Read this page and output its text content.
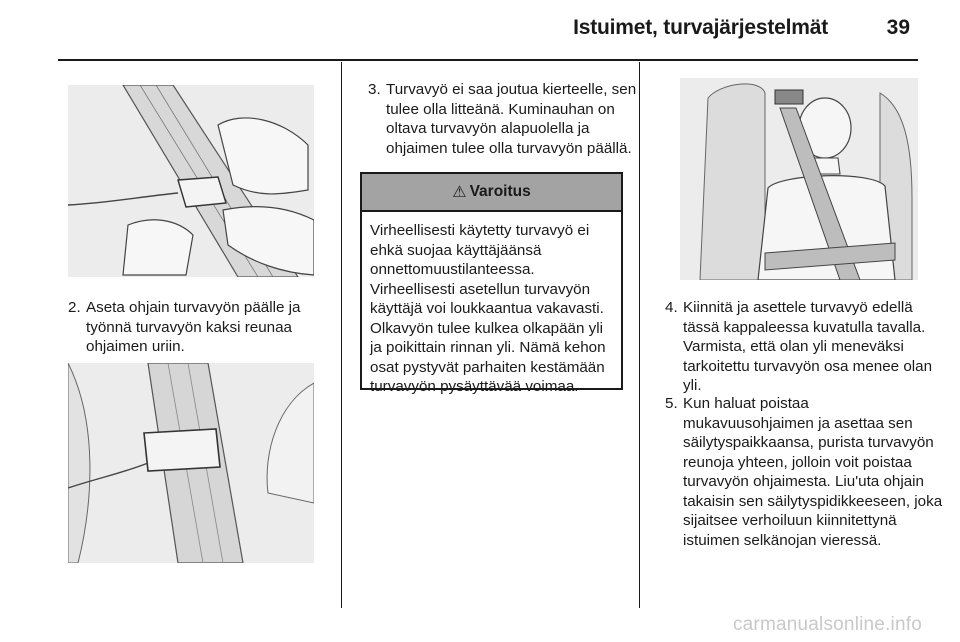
Istuimet, turvajärjestelmät	39
2. Aseta ohjain turvavyön päälle ja työnnä turvavyön kaksi reunaa ohjaimen uriin.
3. Turvavyö ei saa joutua kierteelle, sen tulee olla litteänä. Kuminauhan on oltava turvavyön alapuolella ja ohjaimen tulee olla turvavyön päällä.
⚠ Varoitus
Virheellisesti käytetty turvavyö ei ehkä suojaa käyttäjäänsä onnettomuustilanteessa. Virheellisesti asetellun turvavyön käyttäjä voi loukkaantua vakavasti. Olkavyön tulee kulkea olkapään yli ja poikittain rinnan yli. Nämä kehon osat pystyvät parhaiten kestämään turvavyön pysäyttävää voimaa.
4. Kiinnitä ja asettele turvavyö edellä tässä kappaleessa kuvatulla tavalla. Varmista, että olan yli meneväksi tarkoitettu turvavyön osa menee olan yli.
5. Kun haluat poistaa mukavuusohjaimen ja asettaa sen säilytyspaikkaansa, purista turvavyön reunoja yhteen, jolloin voit poistaa turvavyön ohjaimesta. Liu'uta ohjain takaisin sen säilytyspidikkeeseen, joka sijaitsee verhoiluun kiinnitettynä istuimen selkänojan vieressä.
carmanualsonline.info
